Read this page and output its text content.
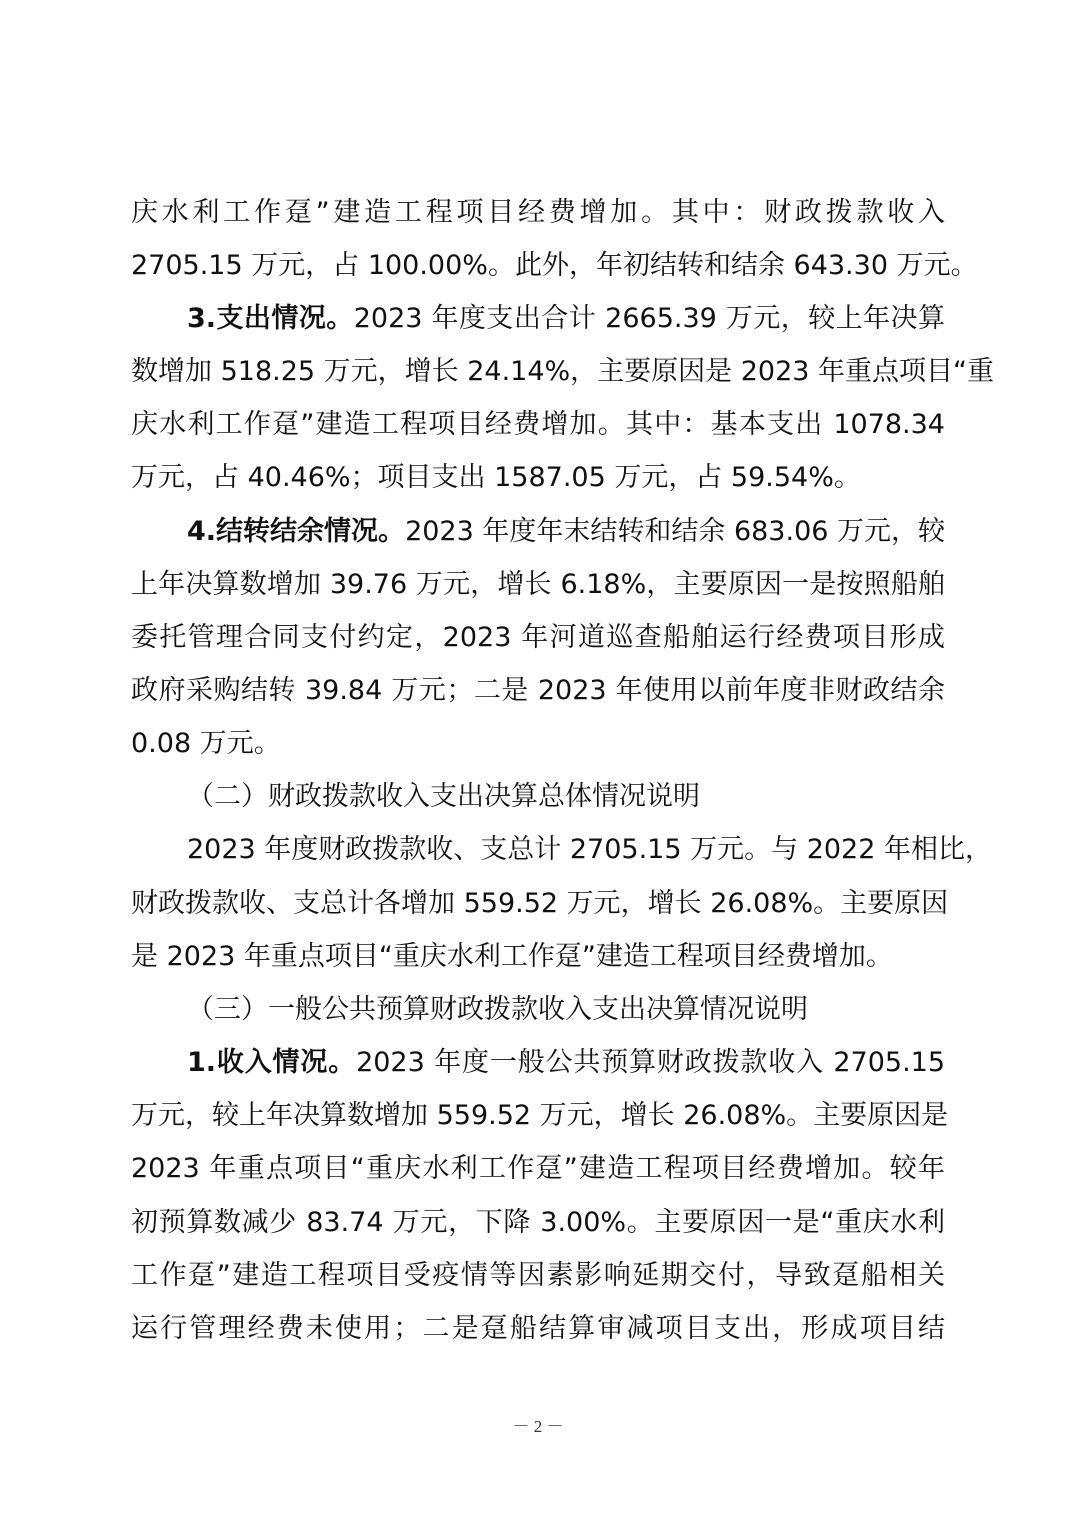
庆水利工作趸”建造工程项目经费增加。其中：财政拨款收入
2705.15 万元，占 100.00%。此外，年初结转和结余 643.30 万元。
3.支出情况。2023 年度支出合计 2665.39 万元，较上年决算
数增加 518.25 万元，增长 24.14%，主要原因是 2023 年重点项目“重
庆水利工作趸”建造工程项目经费增加。其中：基本支出 1078.34
万元，占 40.46%；项目支出 1587.05 万元，占 59.54%。
4.结转结余情况。2023 年度年末结转和结余 683.06 万元，较
上年决算数增加 39.76 万元，增长 6.18%，主要原因一是按照船舶
委托管理合同支付约定，2023 年河道巡查船舶运行经费项目形成
政府采购结转 39.84 万元；二是 2023 年使用以前年度非财政结余
0.08 万元。
（二）财政拨款收入支出决算总体情况说明
2023 年度财政拨款收、支总计 2705.15 万元。与 2022 年相比，
财政拨款收、支总计各增加 559.52 万元，增长 26.08%。主要原因
是 2023 年重点项目“重庆水利工作趸”建造工程项目经费增加。
（三）一般公共预算财政拨款收入支出决算情况说明
1.收入情况。2023 年度一般公共预算财政拨款收入 2705.15
万元，较上年决算数增加 559.52 万元，增长 26.08%。主要原因是
2023 年重点项目“重庆水利工作趸”建造工程项目经费增加。较年
初预算数减少 83.74 万元，下降 3.00%。主要原因一是“重庆水利
工作趸”建造工程项目受疫情等因素影响延期交付，导致趸船相关
运行管理经费未使用；二是趸船结算审减项目支出，形成项目结
－ 2 －
